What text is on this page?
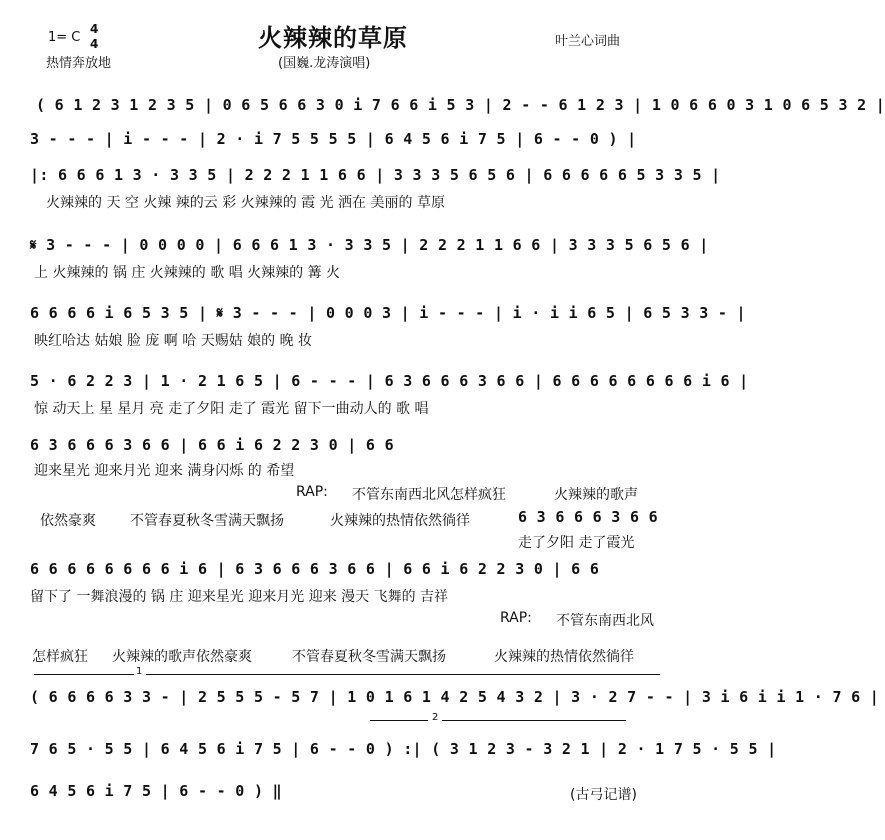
1= C
4
4
热情奔放地
火辣辣的草原
(国巍.龙涛演唱)
叶兰心词曲
( 6 1 2 3 1 2 3 5 | 0 6 5 6 6 3 0 i 7 6 6 i 5 3 | 2 - - 6 1 2 3 | 1 0 6 6 0 3 1 0 6 5 3 2 |
3 - - - | i - - - | 2 · i 7 5 5 5 5 | 6 4 5 6 i 7 5 | 6 - - 0 ) |
|: 6 6 6 1 3 · 3 3 5 | 2 2 2 1 1 6 6 | 3 3 3 5 6 5 6 | 6 6 6 6 6 5 3 3 5 |
火辣辣的 天 空 火辣 辣的云 彩 火辣辣的 霞 光 洒在 美丽的 草原
𝄋 3 - - - | 0 0 0 0 | 6 6 6 1 3 · 3 3 5 | 2 2 2 1 1 6 6 | 3 3 3 5 6 5 6 |
上 火辣辣的 锅 庄 火辣辣的 歌 唱 火辣辣的 篝 火
6 6 6 6 i 6 5 3 5 | 𝄋 3 - - - | 0 0 0 3 | i - - - | i · i i 6 5 | 6 5 3 3 - |
映红哈达 姑娘 脸 庞 啊 哈 天赐姑 娘的 晚 妆
5 · 6 2 2 3 | 1 · 2 1 6 5 | 6 - - - | 6 3 6 6 6 3 6 6 | 6 6 6 6 6 6 6 6 i 6 |
惊 动天上 星 星月 亮 走了夕阳 走了 霞光 留下一曲动人的 歌 唱
6 3 6 6 6 3 6 6 | 6 6 i 6 2 2 3 0 | 6 6
迎来星光 迎来月光 迎来 满身闪烁 的 希望
RAP: 不管东南西北风怎样疯狂	火辣辣的歌声
依然豪爽 不管春夏秋冬雪满天飘扬	火辣辣的热情依然徜徉	6 3 6 6 6 3 6 6
走了夕阳 走了霞光
6 6 6 6 6 6 6 6 i 6 | 6 3 6 6 6 3 6 6 | 6 6 i 6 2 2 3 0 | 6 6
留下了 一舞浪漫的 锅 庄 迎来星光 迎来月光 迎来 漫天 飞舞的 吉祥
RAP: 不管东南西北风
怎样疯狂 火辣辣的歌声依然豪爽	不管春夏秋冬雪满天飘扬	火辣辣的热情依然徜徉
1
( 6 6 6 6 3 3 - | 2 5 5 5 - 5 7 | 1 0 1 6 1 4 2 5 4 3 2 | 3 · 2 7 - - | 3 i 6 i i 1 · 7 6 |
2
7 6 5 · 5 5 | 6 4 5 6 i 7 5 | 6 - - 0 ) :| ( 3 1 2 3 - 3 2 1 | 2 · 1 7 5 · 5 5 |
6 4 5 6 i 7 5 | 6 - - 0 ) ‖	(古弓记谱)
